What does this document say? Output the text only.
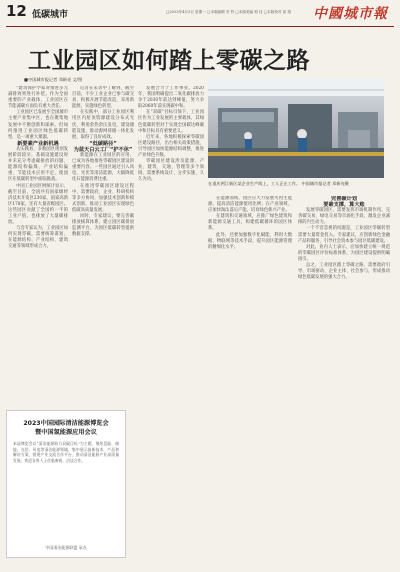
12 低碳城市	□2023年4月3日 星期一 □本版编辑 苏 铃 □本版美编 郭 佳 □本版校对 高 翔 中國城市報
工业园区如何踏上零碳之路
■中国城市报记者 邓新亮 文/图
在重庆两江新区某企业生产线上，工人正在工作。 中国城市报记者 邓新亮摄

“建筑保护学家对推进多元减排效果进行补偿。作为全国重要的产业载体，工业园区在节能减碳方面负有重大责任。

工业园区已发展至全国城市主要产业集中区，也在聚集地发展中不断创新和探索。但如何推进工业园区绿色低碳转型，是一项重大课题。

新要素产业新机遇

从实践看，多数园区规划发展阶段较早，基础设施建设时并未充分考虑碳排放的问题，能源结构偏煤、产业结构偏重、节能技术应用不足，使园区在低碳转型中面临挑战。

中国工业园区网统计显示，截至目前，全国共有国家级经济技术开发区230家，国家高新区178家，还有大量省级园区。这些园区贡献了全国约一半的工业产值，也排放了大量碳排放。

与会专家认为，工业园区如何实现零碳，需要统筹谋划，在能源结构、产业结构、建筑交通等领域形成合力。

记者在采访中了解到，截至目前，不少工业企业已参与碳交易，积极开展节能改造，采用新能源，实施绿色转型。

在实践中，部分工业园区利用区内屋顶资源建设分布式光伏，利用余热余压发电，建设储能设施，推动源网荷储一体化发展，取得了良好成效。

“低碳路径”
为蓝天白云工厂“护不休”

新能源在工业园区的应用，已成为各地推进零碳园区建设的重要内容。一些园区通过引入风电、光伏等清洁能源，大幅降低化石能源消费比重。

在推进零碳园区建设过程中，需要政府、企业、科研机构等多方协同，加强技术创新和模式创新，推动工业园区实现绿色低碳高质量发展。

同时，专家建议，要完善碳排放核算体系，建立园区碳排放监测平台，为园区低碳转型提供数据支撑。

发展合力于工作事业。2020年，我国明确提出二氧化碳排放力争于2030年前达到峰值，努力争取2060年前实现碳中和。

在“双碳”目标引领下，工业园区作为工业发展的主要载体，其绿色低碳转型对于实现全国碳达峰碳中和目标具有重要意义。

近年来，各地积极探索零碳园区建设路径，出台相关政策措施，引导园区加快能源结构调整，推进产业绿色升级。

零碳园区建设涉及能源、产业、建筑、交通、管理等多个领域，需要系统设计、分步实施、久久为功。

在能源领域，园区应大力发展可再生能源，提高清洁能源使用比例；在产业领域，应加快淘汰落后产能，培育绿色新兴产业。

在建筑和交通领域，应推广绿色建筑和新能源交通工具，构建低碳循环的园区体系。

此外，还要加强数字化赋能，利用大数据、物联网等技术手段，提升园区能源管理的精细化水平。

完善碳计划
要素支撑，算大账

发展零碳园区，需要发挥市场机制作用，完善碳交易、绿电交易等市场化手段，激发企业减排的内生动力。

一个不容忽视的问题是，工业园区零碳转型需要大量资金投入。专家建议，应创新绿色金融产品和服务，引导社会资本参与园区低碳建设。

对此，业内人士表示，应加快建立统一规范的零碳园区评价标准体系，为园区建设提供明确指引。

总之，工业园区踏上零碳之路，需要政府引导、市场驱动、企业主体、社会参与，形成推动绿色低碳发展的强大合力。

2023中国园际清洁能源博览会
暨中国氢能源应用会议
本届博览会以“清洁能源助力双碳目标”为主题，聚焦氢能、储能、光伏、风电等清洁能源领域，集中展示最新技术、产品和解决方案，搭建产业交流合作平台，推动清洁能源产业高质量发展。欢迎各界人士莅临参观、洽谈合作。
中国清洁能源联盟 承办
